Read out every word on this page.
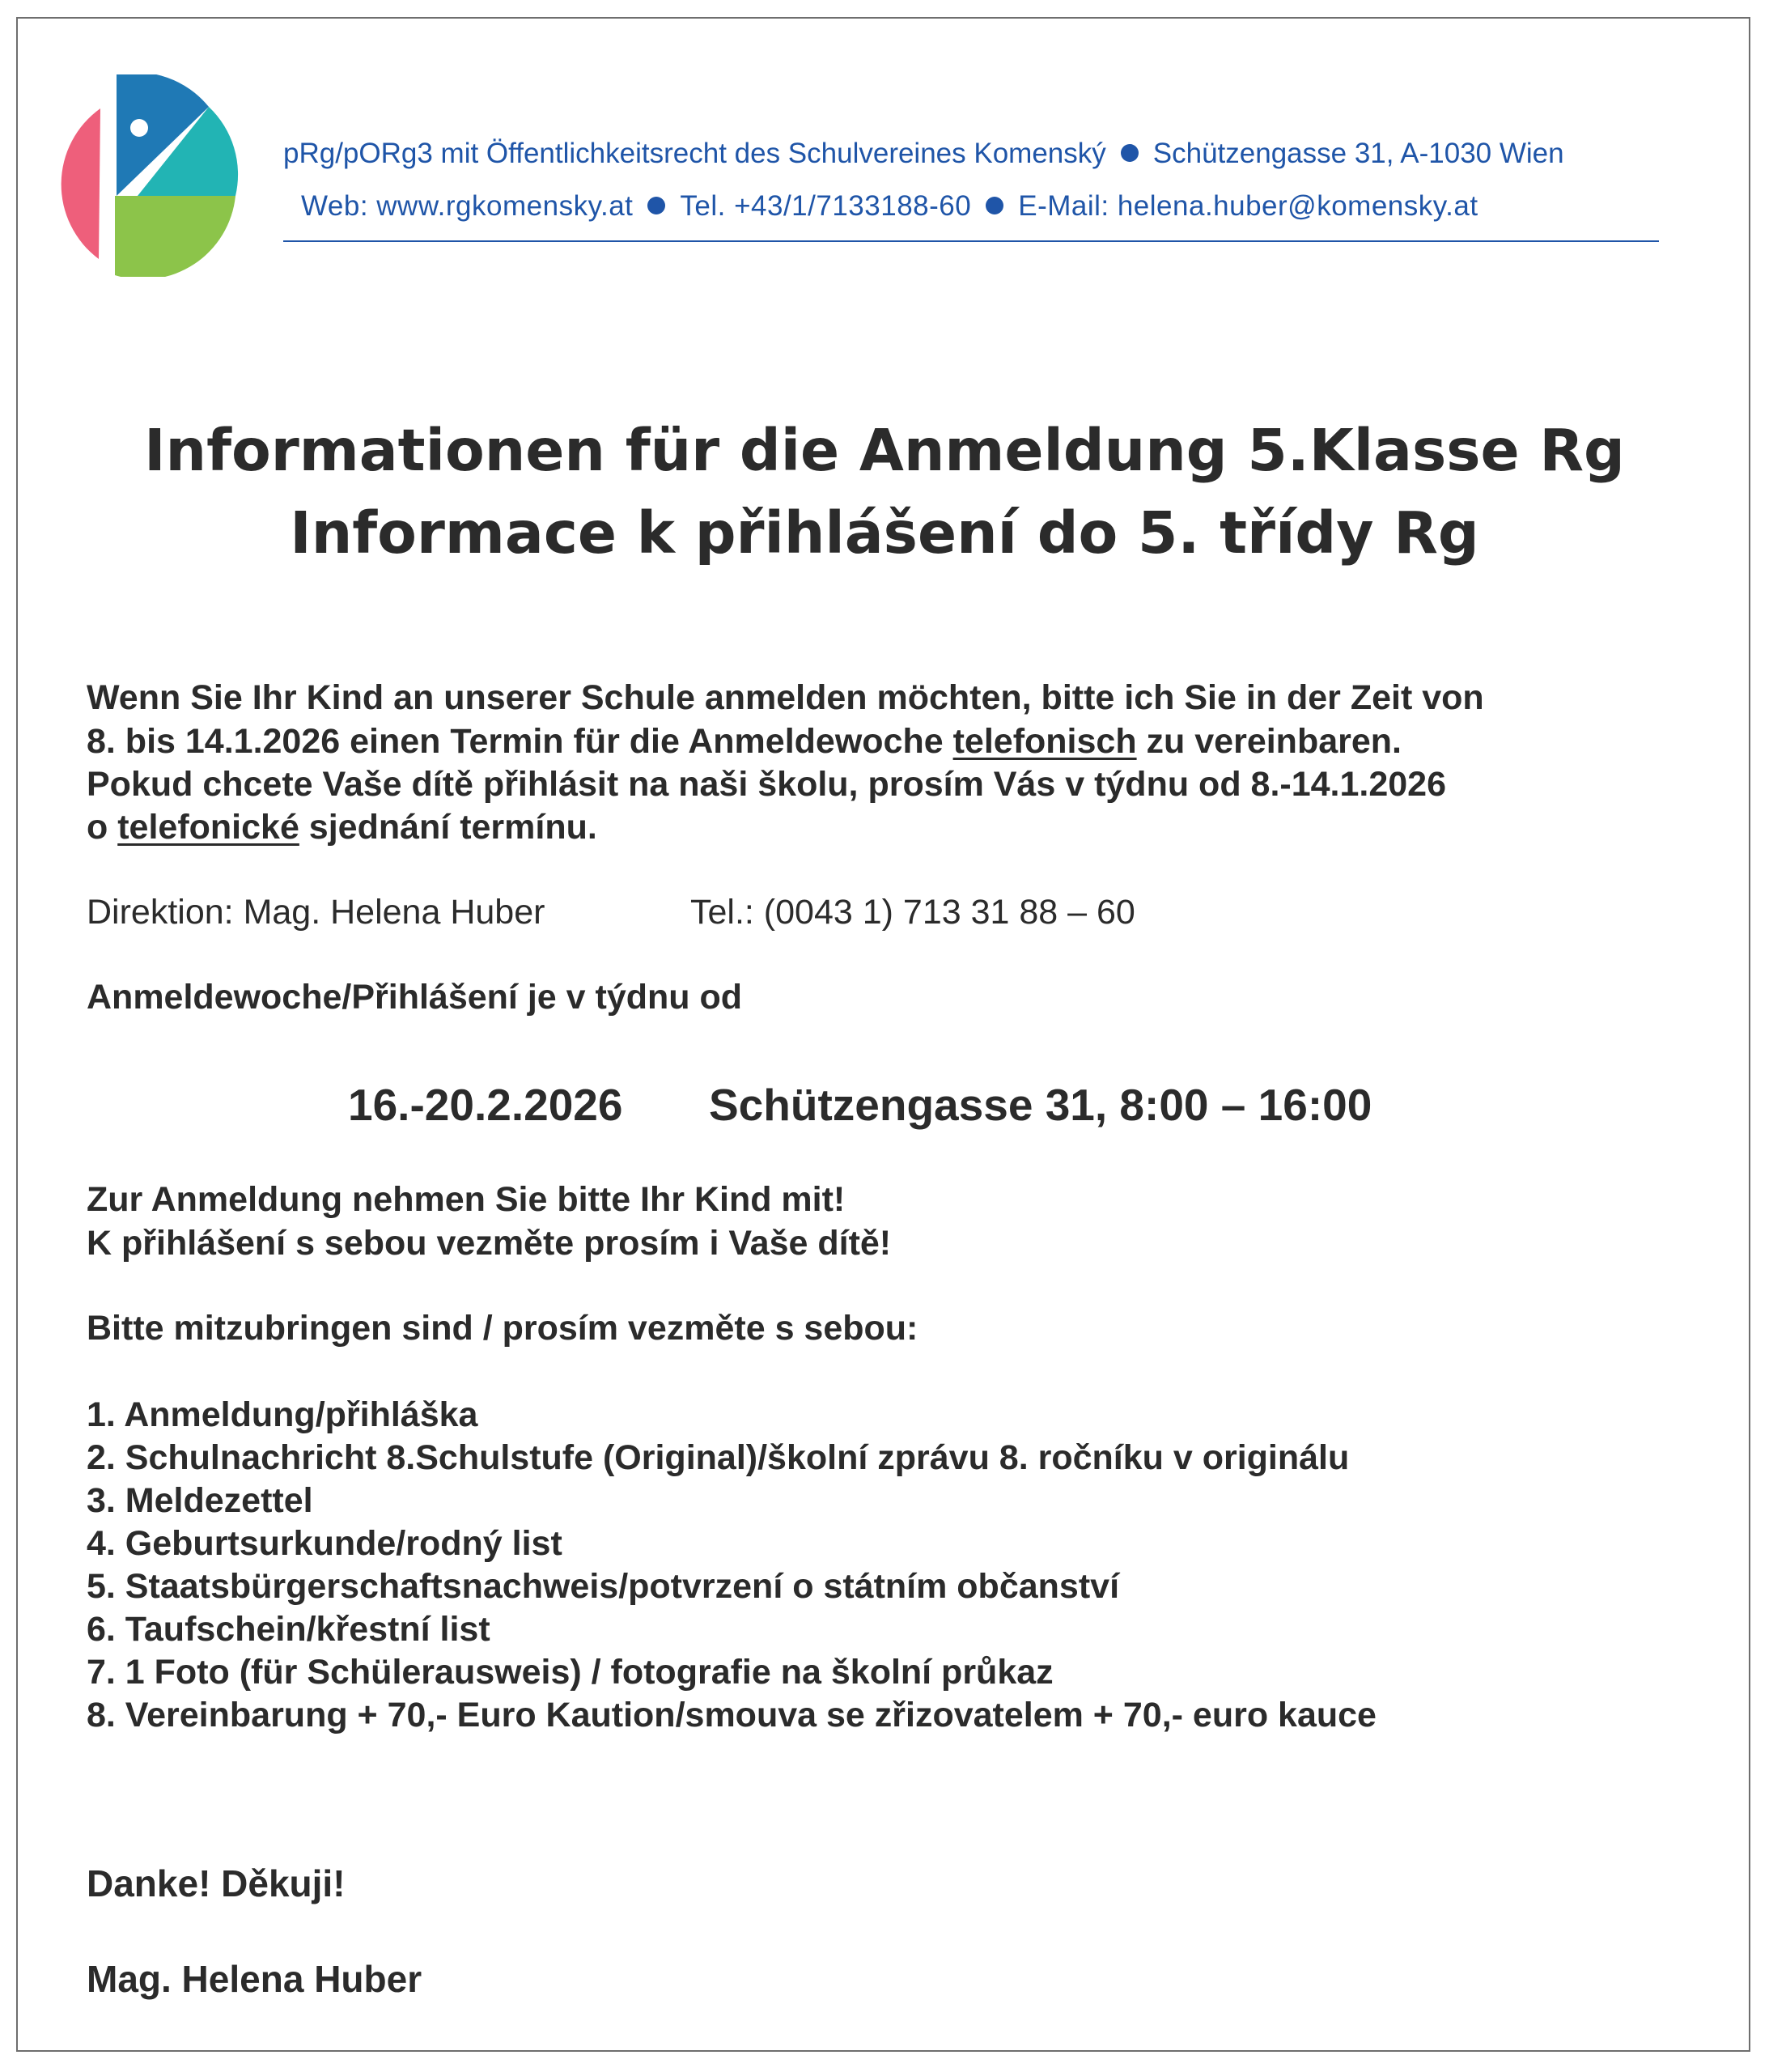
pRg/pORg3 mit Öffentlichkeitsrecht des Schulvereines Komenský Schützengasse 31, A-1030 Wien
Web: www.rgkomensky.at Tel. +43/1/7133188-60 E-Mail: helena.huber@komensky.at
Informationen für die Anmeldung 5.Klasse Rg
Informace k přihlášení do 5. třídy Rg
Wenn Sie Ihr Kind an unserer Schule anmelden möchten, bitte ich Sie in der Zeit von
8. bis 14.1.2026 einen Termin für die Anmeldewoche telefonisch zu vereinbaren.
Pokud chcete Vaše dítě přihlásit na naši školu, prosím Vás v týdnu od 8.-14.1.2026
o telefonické sjednání termínu.
Direktion: Mag. Helena Huber	Tel.: (0043 1) 713 31 88 – 60
Anmeldewoche/Přihlášení je v týdnu od
16.-20.2.2026 Schützengasse 31, 8:00 – 16:00
Zur Anmeldung nehmen Sie bitte Ihr Kind mit!
K přihlášení s sebou vezměte prosím i Vaše dítě!
Bitte mitzubringen sind / prosím vezměte s sebou:
1. Anmeldung/přihláška
2. Schulnachricht 8.Schulstufe (Original)/školní zprávu 8. ročníku v originálu
3. Meldezettel
4. Geburtsurkunde/rodný list
5. Staatsbürgerschaftsnachweis/potvrzení o státním občanství
6. Taufschein/křestní list
7. 1 Foto (für Schülerausweis) / fotografie na školní průkaz
8. Vereinbarung + 70,- Euro Kaution/smouva se zřizovatelem + 70,- euro kauce
Danke! Děkuji!
Mag. Helena Huber
